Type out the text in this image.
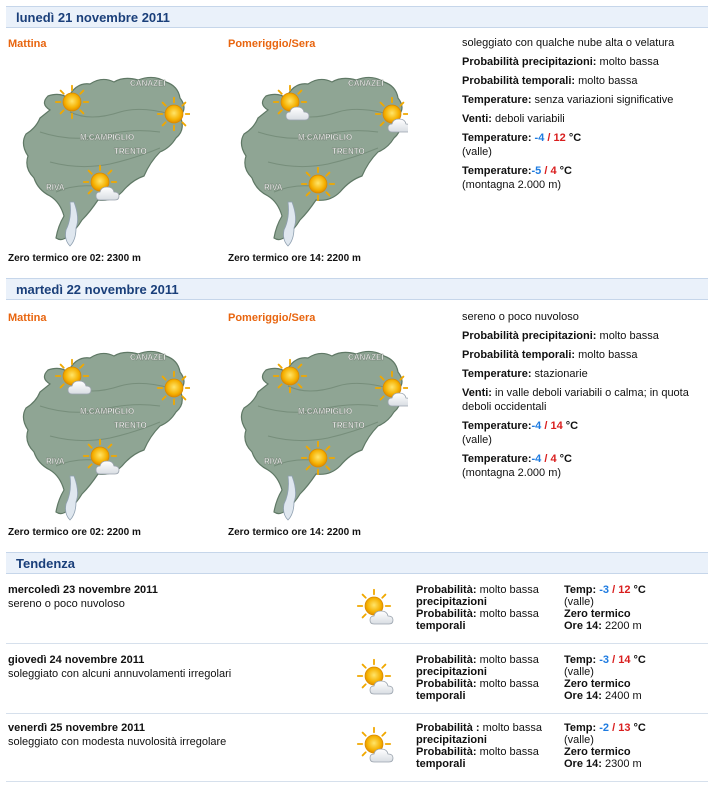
lunedì 21 novembre 2011
Mattina	Pomeriggio/Sera
CANAZEI
M.CAMPIGLIO
TRENTO
RIVA
CANAZEI
M.CAMPIGLIO
TRENTO
RIVA
Zero termico ore 02: 2300 m	Zero termico ore 14: 2200 m
soleggiato con qualche nube alta o velatura
Probabilità precipitazioni: molto bassa
Probabilità temporali: molto bassa
Temperature: senza variazioni significative
Venti: deboli variabili
Temperature: -4 / 12 °C
(valle)
Temperature:-5 / 4 °C
(montagna 2.000 m)
martedì 22 novembre 2011
Mattina	Pomeriggio/Sera
CANAZEI
M.CAMPIGLIO
TRENTO
RIVA
CANAZEI
M.CAMPIGLIO
TRENTO
RIVA
Zero termico ore 02: 2200 m	Zero termico ore 14: 2200 m
sereno o poco nuvoloso
Probabilità precipitazioni: molto bassa
Probabilità temporali: molto bassa
Temperature: stazionarie
Venti: in valle deboli variabili o calma; in quota deboli occidentali
Temperature:-4 / 14 °C
(valle)
Temperature:-4 / 4 °C
(montagna 2.000 m)
Tendenza
mercoledì 23 novembre 2011
sereno o poco nuvoloso
Probabilità: molto bassa
precipitazioni
Probabilità: molto bassa
temporali
Temp: -3 / 12 °C
(valle)
Zero termico
Ore 14: 2200 m
giovedì 24 novembre 2011
soleggiato con alcuni annuvolamenti irregolari
Probabilità: molto bassa
precipitazioni
Probabilità: molto bassa
temporali
Temp: -3 / 14 °C
(valle)
Zero termico
Ore 14: 2400 m
venerdì 25 novembre 2011
soleggiato con modesta nuvolosità irregolare
Probabilità : molto bassa
precipitazioni
Probabilità: molto bassa
temporali
Temp: -2 / 13 °C
(valle)
Zero termico
Ore 14: 2300 m
